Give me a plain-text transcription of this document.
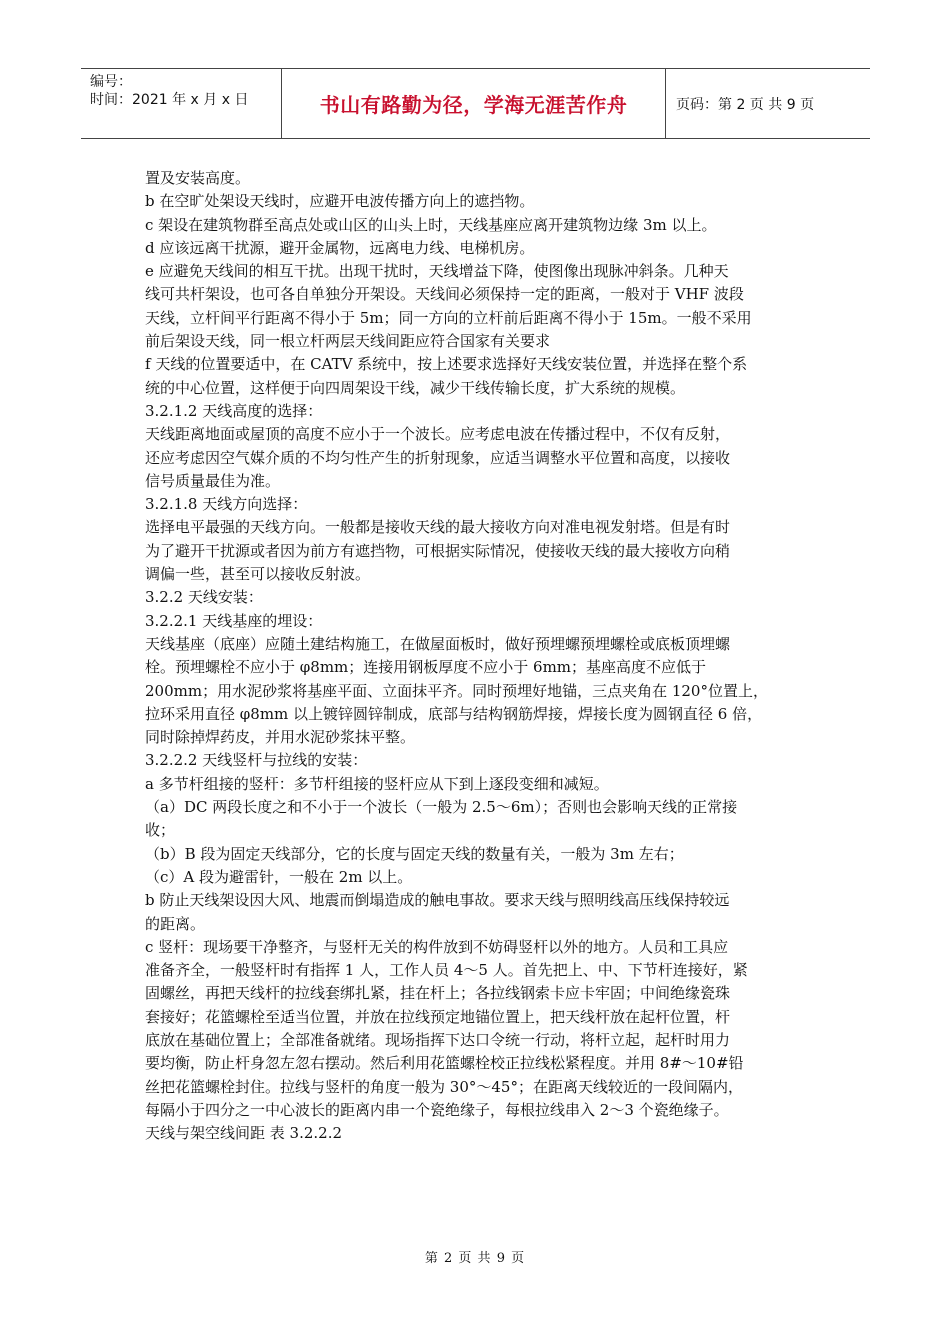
编号：
时间：2021 年 x 月 x 日	书山有路勤为径，学海无涯苦作舟	页码：第 2 页 共 9 页

置及安装高度。

b 在空旷处架设天线时，应避开电波传播方向上的遮挡物。

c 架设在建筑物群至高点处或山区的山头上时，天线基座应离开建筑物边缘 3m 以上。

d 应该远离干扰源，避开金属物，远离电力线、电梯机房。

e 应避免天线间的相互干扰。出现干扰时，天线增益下降，使图像出现脉冲斜条。几种天

线可共杆架设，也可各自单独分开架设。天线间必须保持一定的距离，一般对于 VHF 波段

天线，立杆间平行距离不得小于 5m；同一方向的立杆前后距离不得小于 15m。一般不采用

前后架设天线，同一根立杆两层天线间距应符合国家有关要求

f 天线的位置要适中，在 CATV 系统中，按上述要求选择好天线安装位置，并选择在整个系

统的中心位置，这样便于向四周架设干线，减少干线传输长度，扩大系统的规模。

3.2.1.2 天线高度的选择：

天线距离地面或屋顶的高度不应小于一个波长。应考虑电波在传播过程中，不仅有反射，

还应考虑因空气媒介质的不均匀性产生的折射现象，应适当调整水平位置和高度，以接收

信号质量最佳为准。

3.2.1.8 天线方向选择：

选择电平最强的天线方向。一般都是接收天线的最大接收方向对准电视发射塔。但是有时

为了避开干扰源或者因为前方有遮挡物，可根据实际情况，使接收天线的最大接收方向稍

调偏一些，甚至可以接收反射波。

3.2.2 天线安装：

3.2.2.1 天线基座的埋设：

天线基座（底座）应随土建结构施工，在做屋面板时，做好预埋螺预埋螺栓或底板顶埋螺

栓。预埋螺栓不应小于 φ8mm；连接用钢板厚度不应小于 6mm；基座高度不应低于

200mm；用水泥砂浆将基座平面、立面抹平齐。同时预埋好地锚，三点夹角在 120°位置上，

拉环采用直径 φ8mm 以上镀锌圆锌制成，底部与结构钢筋焊接，焊接长度为圆钢直径 6 倍，

同时除掉焊药皮，并用水泥砂浆抹平整。

3.2.2.2 天线竖杆与拉线的安装：

a 多节杆组接的竖杆：多节杆组接的竖杆应从下到上逐段变细和减短。

（a）DC 两段长度之和不小于一个波长（一般为 2.5～6m）；否则也会影响天线的正常接

收；

（b）B 段为固定天线部分，它的长度与固定天线的数量有关，一般为 3m 左右；

（c）A 段为避雷针，一般在 2m 以上。

b 防止天线架设因大风、地震而倒塌造成的触电事故。要求天线与照明线高压线保持较远

的距离。

c 竖杆：现场要干净整齐，与竖杆无关的构件放到不妨碍竖杆以外的地方。人员和工具应

准备齐全，一般竖杆时有指挥 1 人，工作人员 4～5 人。首先把上、中、下节杆连接好，紧

固螺丝，再把天线杆的拉线套绑扎紧，挂在杆上；各拉线钢索卡应卡牢固；中间绝缘瓷珠

套接好；花篮螺栓至适当位置，并放在拉线预定地锚位置上，把天线杆放在起杆位置，杆

底放在基础位置上；全部准备就绪。现场指挥下达口令统一行动，将杆立起，起杆时用力

要均衡，防止杆身忽左忽右摆动。然后利用花篮螺栓校正拉线松紧程度。并用 8#～10#铅

丝把花篮螺栓封住。拉线与竖杆的角度一般为 30°～45°；在距离天线较近的一段间隔内，

每隔小于四分之一中心波长的距离内串一个瓷绝缘子，每根拉线串入 2～3 个瓷绝缘子。

天线与架空线间距 表 3.2.2.2

第 2 页 共 9 页
